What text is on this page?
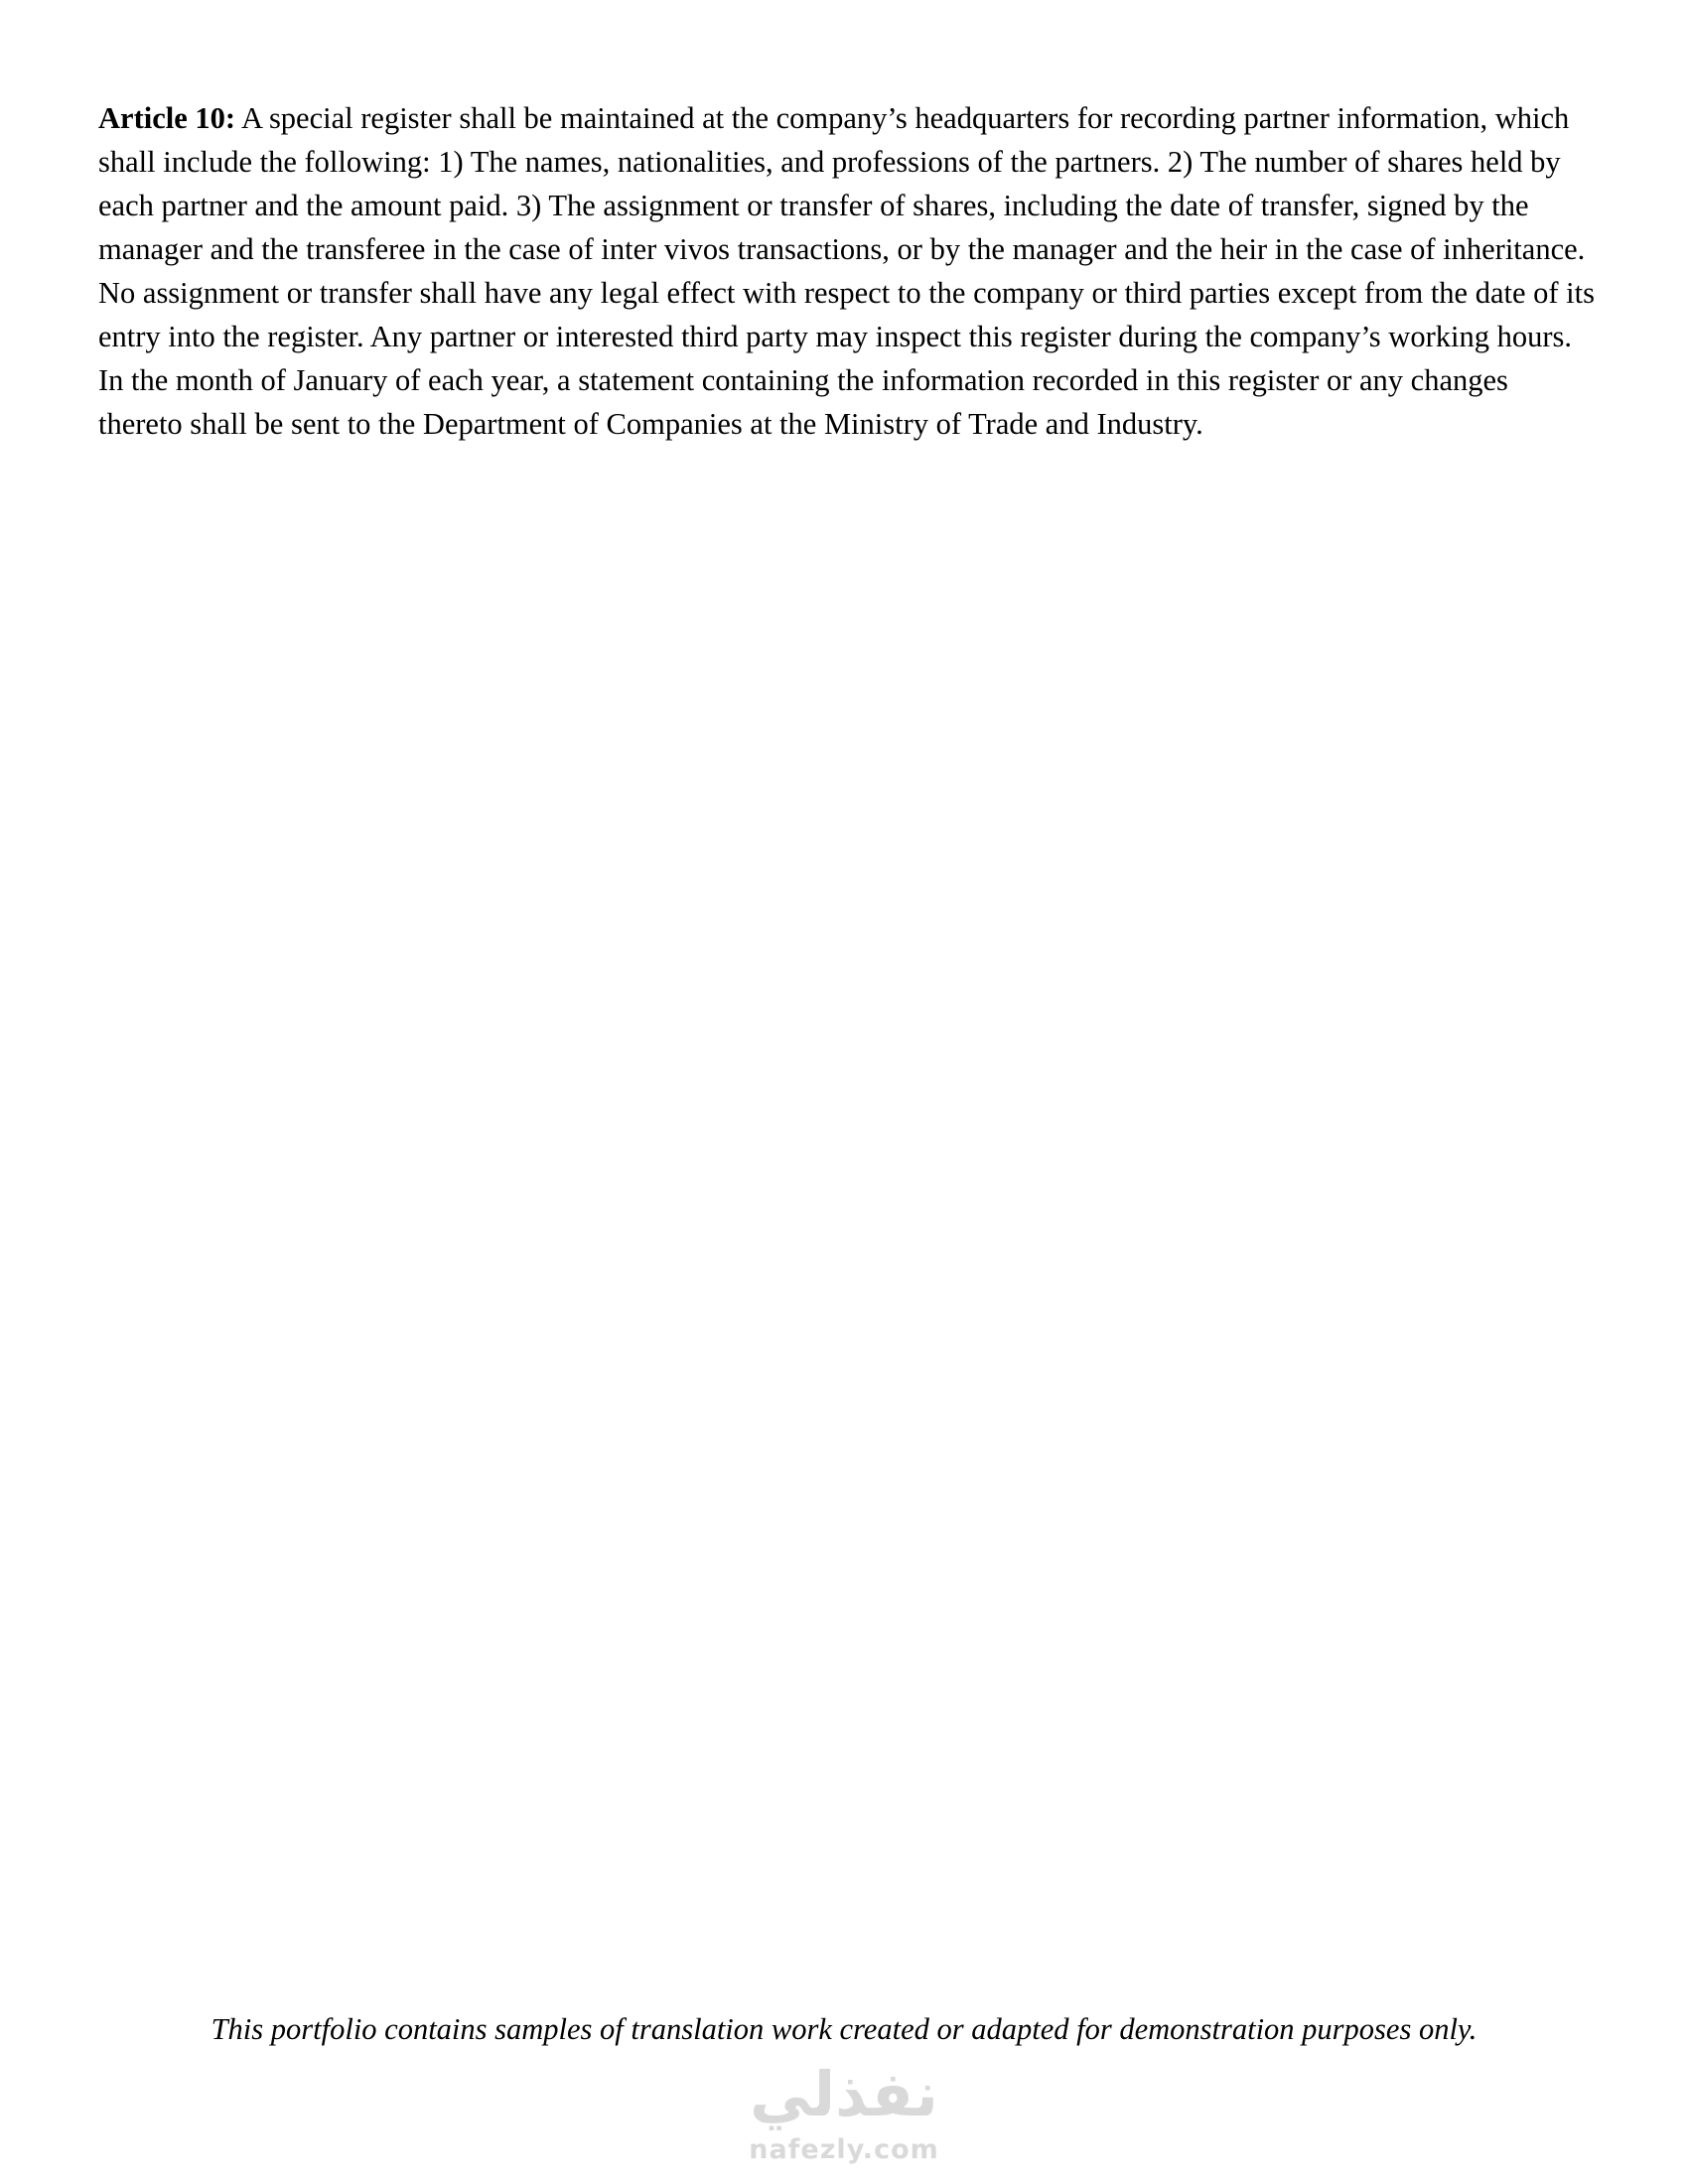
Article 10: A special register shall be maintained at the company’s headquarters for recording partner information, which shall include the following: 1) The names, nationalities, and professions of the partners. 2) The number of shares held by each partner and the amount paid. 3) The assignment or transfer of shares, including the date of transfer, signed by the manager and the transferee in the case of inter vivos transactions, or by the manager and the heir in the case of inheritance. No assignment or transfer shall have any legal effect with respect to the company or third parties except from the date of its entry into the register. Any partner or interested third party may inspect this register during the company’s working hours. In the month of January of each year, a statement containing the information recorded in this register or any changes thereto shall be sent to the Department of Companies at the Ministry of Trade and Industry.

This portfolio contains samples of translation work created or adapted for demonstration purposes only.
نفذلي
nafezly.com
